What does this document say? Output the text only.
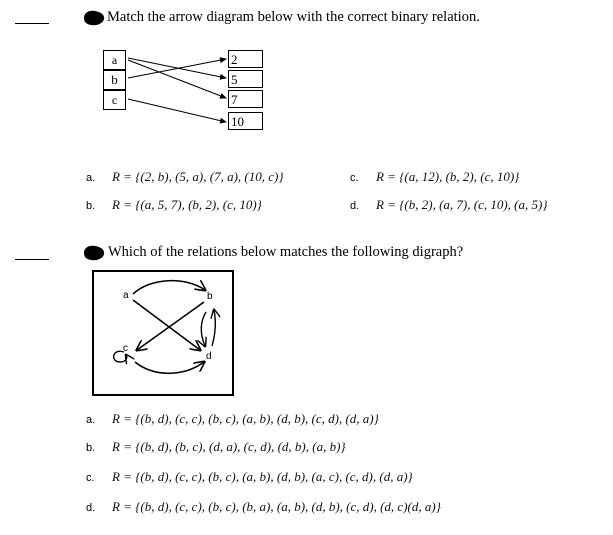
Match the arrow diagram below with the correct binary relation.
a
b
c
2
5
7
10
a. R = {(2, b), (5, a), (7, a), (10, c)}
b. R = {(a, 5, 7), (b, 2), (c, 10)}
c. R = {(a, 12), (b, 2), (c, 10)}
d. R = {(b, 2), (a, 7), (c, 10), (a, 5)}
Which of the relations below matches the following digraph?
a	b
c
d
a. R = {(b, d), (c, c), (b, c), (a, b), (d, b), (c, d), (d, a)}
b. R = {(b, d), (b, c), (d, a), (c, d), (d, b), (a, b)}
c. R = {(b, d), (c, c), (b, c), (a, b), (d, b), (a, c), (c, d), (d, a)}
d. R = {(b, d), (c, c), (b, c), (b, a), (a, b), (d, b), (c, d), (d, c)(d, a)}
